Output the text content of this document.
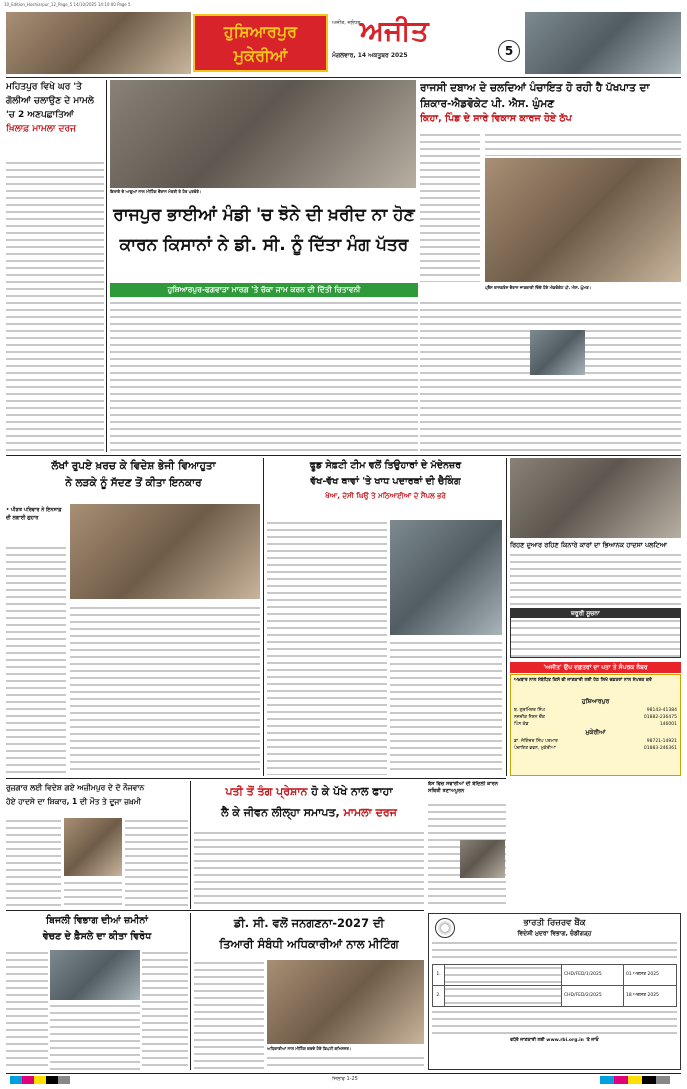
10_Edition_Hoshiarpur_12_Page_5 14/10/2025 14:10:00 Page 5
ਹੁਸ਼ਿਆਰਪੁਰ ਮੁਕੇਰੀਆਂ
ਅਜੀਤ, ਜਲੰਧਰ ਅਜੀਤ
ਮੰਗਲਵਾਰ, 14 ਅਕਤੂਬਰ 2025	5
ਮਹਿਤਪੁਰ ਵਿਖੇ ਘਰ 'ਤੇ ਗੋਲੀਆਂ ਚਲਾਉਣ ਦੇ ਮਾਮਲੇ 'ਚ 2 ਅਣਪਛਾਤਿਆਂ
ਖ਼ਿਲਾਫ਼ ਮਾਮਲਾ ਦਰਜ
ਇਲਾਕੇ ਦੇ ਆਗੂਆਂ ਨਾਲ ਮੀਟਿੰਗ ਦੌਰਾਨ ਮੰਤਰੀ ਤੇ ਹੋਰ ਪਤਵੰਤੇ।
ਰਾਜਸੀ ਦਬਾਅ ਦੇ ਚਲਦਿਆਂ ਪੰਚਾਇਤ ਹੋ ਰਹੀ ਹੈ ਪੱਖਪਾਤ ਦਾ ਸ਼ਿਕਾਰ-ਐਡਵੋਕੇਟ ਪੀ. ਐਸ. ਘੁੰਮਣ
ਕਿਹਾ, ਪਿੰਡ ਦੇ ਸਾਰੇ ਵਿਕਾਸ ਕਾਰਜ ਹੋਏ ਠੱਪ
ਪ੍ਰੈੱਸ ਕਾਨਫ਼ਰੰਸ ਦੌਰਾਨ ਜਾਣਕਾਰੀ ਦਿੰਦੇ ਹੋਏ ਐਡਵੋਕੇਟ ਪੀ. ਐਸ. ਘੁੰਮਣ।
ਰਾਜਪੁਰ ਭਾਈਆਂ ਮੰਡੀ 'ਚ ਝੋਨੇ ਦੀ ਖ਼ਰੀਦ ਨਾ ਹੋਣ
ਕਾਰਨ ਕਿਸਾਨਾਂ ਨੇ ਡੀ. ਸੀ. ਨੂੰ ਦਿੱਤਾ ਮੰਗ ਪੱਤਰ
ਹੁਸ਼ਿਆਰਪੁਰ-ਫਗਵਾੜਾ ਮਾਰਗ 'ਤੇ ਚੱਕਾ ਜਾਮ ਕਰਨ ਦੀ ਦਿੱਤੀ ਚਿਤਾਵਨੀ
ਲੱਖਾਂ ਰੁਪਏ ਖ਼ਰਚ ਕੇ ਵਿਦੇਸ਼ ਭੇਜੀ ਵਿਆਹੁਤਾ
ਨੇ ਲੜਕੇ ਨੂੰ ਸੱਦਣ ਤੋਂ ਕੀਤਾ ਇਨਕਾਰ
• ਪੀੜਤ ਪਰਿਵਾਰ ਨੇ ਇਨਸਾਫ਼ ਦੀ ਲਗਾਈ ਗੁਹਾਰ
ਫੂਡ ਸੇਫ਼ਟੀ ਟੀਮ ਵਲੋਂ ਤਿਉਹਾਰਾਂ ਦੇ ਮੱਦੇਨਜ਼ਰ
ਵੱਖ-ਵੱਖ ਥਾਵਾਂ 'ਤੇ ਖਾਧ ਪਦਾਰਥਾਂ ਦੀ ਚੈਕਿੰਗ
ਖੋਆ, ਦੇਸੀ ਘਿਉ ਤੇ ਮਠਿਆਈਆਂ ਦੇ ਸੈਂਪਲ ਭਰੇ
ਰਿਹਣ ਦੁਆਰ ਰਹਿਣ ਕਿਨਾਰੇ ਕਾਰਾਂ ਦਾ ਭਿਆਨਕ ਹਾਦਸਾ ਪਲਟਿਆ
ਜ਼ਰੂਰੀ ਸੂਚਨਾ
'ਅਜੀਤ' ਉਪ ਦਫ਼ਤਰਾਂ ਦਾ ਪਤਾ ਤੇ ਸੰਪਰਕ ਨੰਬਰ
ਅਖ਼ਬਾਰ ਨਾਲ ਸੰਬੰਧਿਤ ਕਿਸੇ ਵੀ ਜਾਣਕਾਰੀ ਲਈ ਹੇਠ ਲਿਖੇ ਦਫ਼ਤਰਾਂ ਨਾਲ ਸੰਪਰਕ ਕਰੋ
ਹੁਸ਼ਿਆਰਪੁਰ
ਬ. ਗੁਰਮਿੰਦਰ ਸਿੰਘ	98143-41384
ਨਜ਼ਦੀਕ ਸੈਸ਼ਨ ਚੌਂਕ	01882-236475
ਪਿੰਨ ਕੋਡ	146001
ਮੁਕੇਰੀਆਂ
ਡਾ. ਜੋਗਿੰਦਰ ਸਿੰਘ ਪਰਮਾਰ	98721-14921
ਪੰਚਾਇਤ ਭਵਨ, ਮੁਕੇਰੀਆਂ	01883-246361
ਰੁਜ਼ਗਾਰ ਲਈ ਵਿਦੇਸ਼ ਗਏ ਅਜ਼ੀਮਪੁਰ ਦੇ ਦੋ ਨੌਜਵਾਨ
ਹੋਏ ਹਾਦਸੇ ਦਾ ਸ਼ਿਕਾਰ, 1 ਦੀ ਮੌਤ ਤੇ ਦੂਜਾ ਜ਼ਖ਼ਮੀ
ਪਤੀ ਤੋਂ ਤੰਗ ਪ੍ਰੇਸ਼ਾਨ ਹੋ ਕੇ ਪੱਖੇ ਨਾਲ ਫਾਹਾ
ਲੈ ਕੇ ਜੀਵਨ ਲੀਲ੍ਹਾ ਸਮਾਪਤ, ਮਾਮਲਾ ਦਰਜ
ਬੱਸ ਵਿਚ ਸਵਾਰੀਆਂ ਦੀ ਬੇਦਿਲੀ ਕਾਰਨ ਸਥਿਤੀ ਤਣਾਅਪੂਰਨ
ਬਿਜਲੀ ਵਿਭਾਗ ਦੀਆਂ ਜ਼ਮੀਨਾਂ
ਵੇਚਣ ਦੇ ਫ਼ੈਸਲੇ ਦਾ ਕੀਤਾ ਵਿਰੋਧ
ਡੀ. ਸੀ. ਵਲੋਂ ਜਨਗਣਨਾ-2027 ਦੀ
ਤਿਆਰੀ ਸੰਬੰਧੀ ਅਧਿਕਾਰੀਆਂ ਨਾਲ ਮੀਟਿੰਗ
ਅਧਿਕਾਰੀਆਂ ਨਾਲ ਮੀਟਿੰਗ ਕਰਦੇ ਹੋਏ ਡਿਪਟੀ ਕਮਿਸ਼ਨਰ।
ਭਾਰਤੀ ਰਿਜ਼ਰਵ ਬੈਂਕ
ਵਿਦੇਸ਼ੀ ਮੁਦਰਾ ਵਿਭਾਗ, ਚੰਡੀਗੜ੍ਹ
1.	CHD/FED/1/2025	01 ਅਗਸਤ 2025
2.	CHD/FED/2/2025	18 ਅਗਸਤ 2025
ਵਧੇਰੇ ਜਾਣਕਾਰੀ ਲਈ www.rbi.org.in 'ਤੇ ਜਾਓ
ਜਿਲਾਵ 1-25
